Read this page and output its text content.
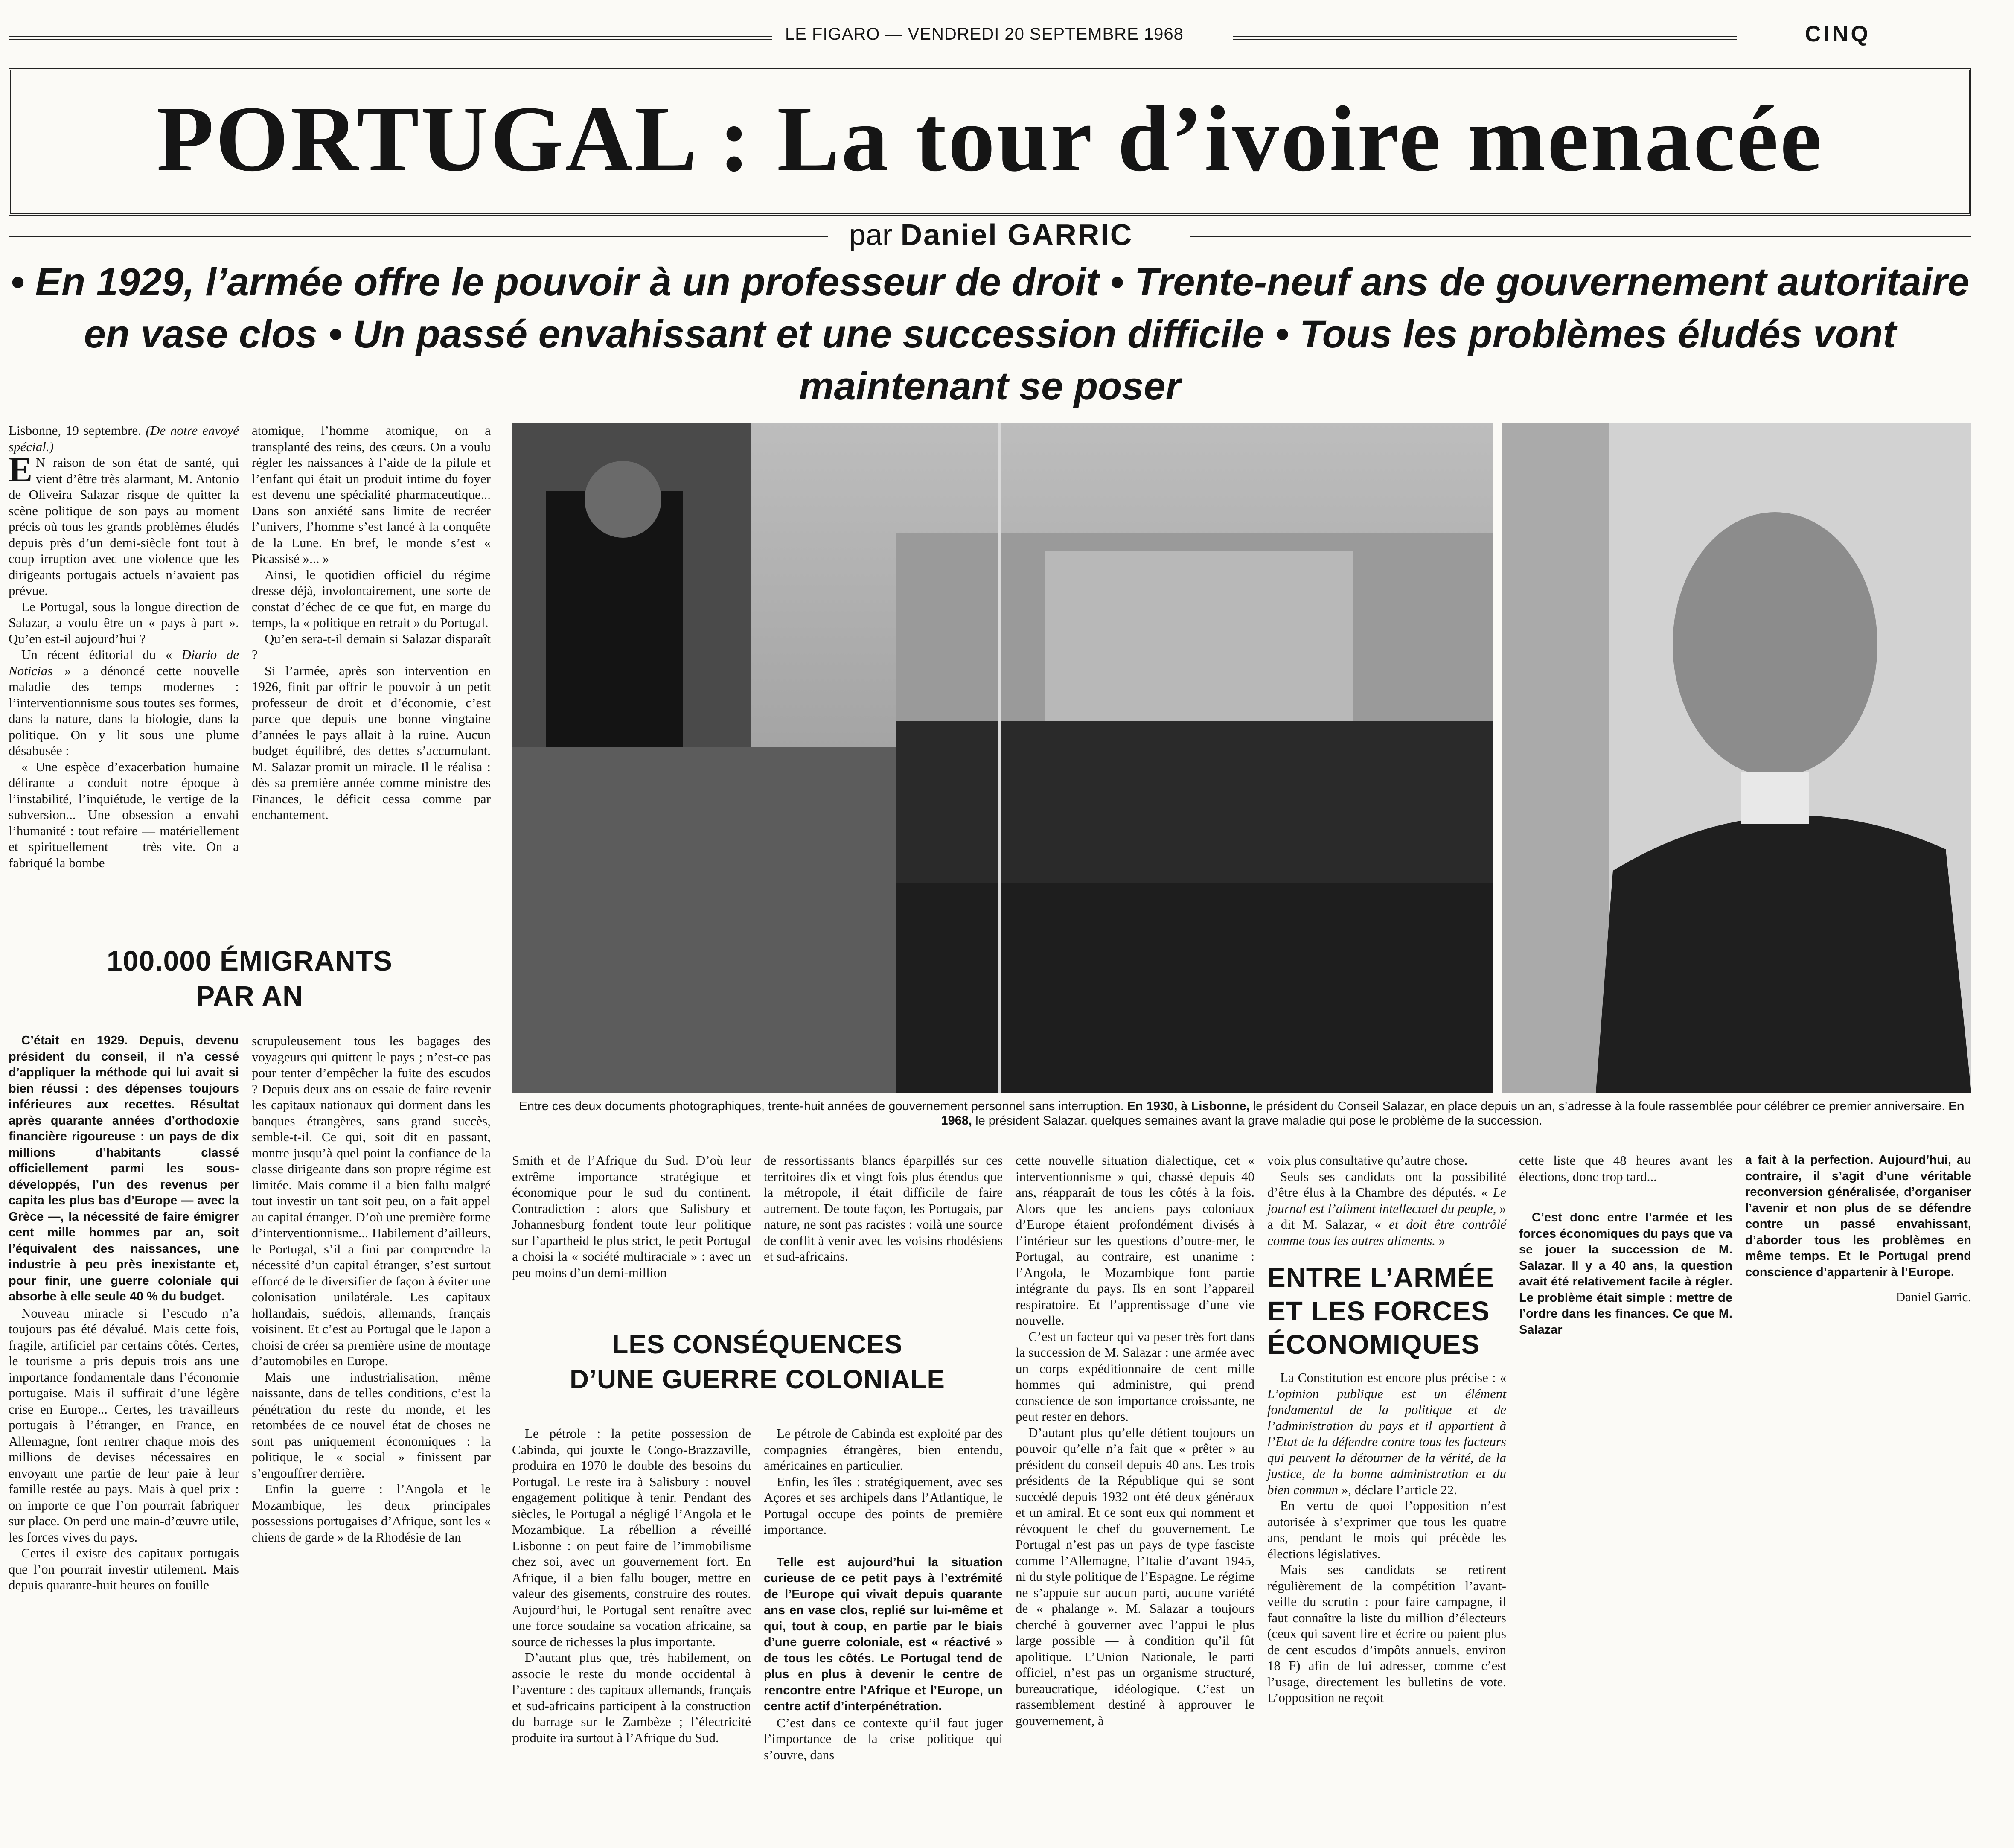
LE FIGARO — VENDREDI 20 SEPTEMBRE 1968	CINQ
PORTUGAL : La tour d’ivoire menacée
par Daniel GARRIC
• En 1929, l’armée offre le pouvoir à un professeur de droit • Trente-neuf ans de gouvernement autoritaire en vase clos • Un passé envahissant et une succession difficile • Tous les problèmes éludés vont maintenant se poser

Lisbonne, 19 septembre. (De notre envoyé spécial.)

E N raison de son état de santé, qui vient d’être très alarmant, M. Antonio de Oliveira Salazar risque de quitter la scène politique de son pays au moment précis où tous les grands problèmes éludés depuis près d’un demi-siècle font tout à coup irruption avec une violence que les dirigeants portugais actuels n’avaient pas prévue.

Le Portugal, sous la longue direction de Salazar, a voulu être un « pays à part ». Qu’en est-il aujourd’hui ?

Un récent éditorial du « Diario de Noticias » a dénoncé cette nouvelle maladie des temps modernes : l’interventionnisme sous toutes ses formes, dans la nature, dans la biologie, dans la politique. On y lit sous une plume désabusée :

« Une espèce d’exacerbation humaine délirante a conduit notre époque à l’instabilité, l’inquiétude, le vertige de la subversion... Une obsession a envahi l’humanité : tout refaire — matériellement et spirituellement — très vite. On a fabriqué la bombe

atomique, l’homme atomique, on a transplanté des reins, des cœurs. On a voulu régler les naissances à l’aide de la pilule et l’enfant qui était un produit intime du foyer est devenu une spécialité pharmaceutique... Dans son anxiété sans limite de recréer l’univers, l’homme s’est lancé à la conquête de la Lune. En bref, le monde s’est « Picassisé »... »

Ainsi, le quotidien officiel du régime dresse déjà, involontairement, une sorte de constat d’échec de ce que fut, en marge du temps, la « politique en retrait » du Portugal.

Qu’en sera-t-il demain si Salazar disparaît ?

Si l’armée, après son intervention en 1926, finit par offrir le pouvoir à un petit professeur de droit et d’économie, c’est parce que depuis une bonne vingtaine d’années le pays allait à la ruine. Aucun budget équilibré, des dettes s’accumulant. M. Salazar promit un miracle. Il le réalisa : dès sa première année comme ministre des Finances, le déficit cessa comme par enchantement.

100.000 ÉMIGRANTS
PAR AN

C’était en 1929. Depuis, devenu président du conseil, il n’a cessé d’appliquer la méthode qui lui avait si bien réussi : des dépenses toujours inférieures aux recettes. Résultat après quarante années d’orthodoxie financière rigoureuse : un pays de dix millions d’habitants classé officiellement parmi les sous-développés, l’un des revenus per capita les plus bas d’Europe — avec la Grèce —, la nécessité de faire émigrer cent mille hommes par an, soit l’équivalent des naissances, une industrie à peu près inexistante et, pour finir, une guerre coloniale qui absorbe à elle seule 40 % du budget.

Nouveau miracle si l’escudo n’a toujours pas été dévalué. Mais cette fois, fragile, artificiel par certains côtés. Certes, le tourisme a pris depuis trois ans une importance fondamentale dans l’économie portugaise. Mais il suffirait d’une légère crise en Europe... Certes, les travailleurs portugais à l’étranger, en France, en Allemagne, font rentrer chaque mois des millions de devises nécessaires en envoyant une partie de leur paie à leur famille restée au pays. Mais à quel prix : on importe ce que l’on pourrait fabriquer sur place. On perd une main-d’œuvre utile, les forces vives du pays.

Certes il existe des capitaux portugais que l’on pourrait investir utilement. Mais depuis quarante-huit heures on fouille

scrupuleusement tous les bagages des voyageurs qui quittent le pays ; n’est-ce pas pour tenter d’empêcher la fuite des escudos ? Depuis deux ans on essaie de faire revenir les capitaux nationaux qui dorment dans les banques étrangères, sans grand succès, semble-t-il. Ce qui, soit dit en passant, montre jusqu’à quel point la confiance de la classe dirigeante dans son propre régime est limitée. Mais comme il a bien fallu malgré tout investir un tant soit peu, on a fait appel au capital étranger. D’où une première forme d’interventionnisme... Habilement d’ailleurs, le Portugal, s’il a fini par comprendre la nécessité d’un capital étranger, s’est surtout efforcé de le diversifier de façon à éviter une colonisation unilatérale. Les capitaux hollandais, suédois, allemands, français voisinent. Et c’est au Portugal que le Japon a choisi de créer sa première usine de montage d’automobiles en Europe.

Mais une industrialisation, même naissante, dans de telles conditions, c’est la pénétration du reste du monde, et les retombées de ce nouvel état de choses ne sont pas uniquement économiques : la politique, le « social » finissent par s’engouffrer derrière.

Enfin la guerre : l’Angola et le Mozambique, les deux principales possessions portugaises d’Afrique, sont les « chiens de garde » de la Rhodésie de Ian

Entre ces deux documents photographiques, trente-huit années de gouvernement personnel sans interruption. En 1930, à Lisbonne, le président du Conseil Salazar, en place depuis un an, s’adresse à la foule rassemblée pour célébrer ce premier anniversaire. En 1968, le président Salazar, quelques semaines avant la grave maladie qui pose le problème de la succession.

Smith et de l’Afrique du Sud. D’où leur extrême importance stratégique et économique pour le sud du continent. Contradiction : alors que Salisbury et Johannesburg fondent toute leur politique sur l’apartheid le plus strict, le petit Portugal a choisi la « société multiraciale » : avec un peu moins d’un demi-million

de ressortissants blancs éparpillés sur ces territoires dix et vingt fois plus étendus que la métropole, il était difficile de faire autrement. De toute façon, les Portugais, par nature, ne sont pas racistes : voilà une source de conflit à venir avec les voisins rhodésiens et sud-africains.

LES CONSÉQUENCES
D’UNE GUERRE COLONIALE

Le pétrole : la petite possession de Cabinda, qui jouxte le Congo-Brazzaville, produira en 1970 le double des besoins du Portugal. Le reste ira à Salisbury : nouvel engagement politique à tenir. Pendant des siècles, le Portugal a négligé l’Angola et le Mozambique. La rébellion a réveillé Lisbonne : on peut faire de l’immobilisme chez soi, avec un gouvernement fort. En Afrique, il a bien fallu bouger, mettre en valeur des gisements, construire des routes. Aujourd’hui, le Portugal sent renaître avec une force soudaine sa vocation africaine, sa source de richesses la plus importante.

D’autant plus que, très habilement, on associe le reste du monde occidental à l’aventure : des capitaux allemands, français et sud-africains participent à la construction du barrage sur le Zambèze ; l’électricité produite ira surtout à l’Afrique du Sud.

Le pétrole de Cabinda est exploité par des compagnies étrangères, bien entendu, américaines en particulier.

Enfin, les îles : stratégiquement, avec ses Açores et ses archipels dans l’Atlantique, le Portugal occupe des points de première importance.

Telle est aujourd’hui la situation curieuse de ce petit pays à l’extrémité de l’Europe qui vivait depuis quarante ans en vase clos, replié sur lui-même et qui, tout à coup, en partie par le biais d’une guerre coloniale, est « réactivé » de tous les côtés. Le Portugal tend de plus en plus à devenir le centre de rencontre entre l’Afrique et l’Europe, un centre actif d’interpénétration.

C’est dans ce contexte qu’il faut juger l’importance de la crise politique qui s’ouvre, dans

cette nouvelle situation dialectique, cet « interventionnisme » qui, chassé depuis 40 ans, réapparaît de tous les côtés à la fois. Alors que les anciens pays coloniaux d’Europe étaient profondément divisés à l’intérieur sur les questions d’outre-mer, le Portugal, au contraire, est unanime : l’Angola, le Mozambique font partie intégrante du pays. Ils en sont l’appareil respiratoire. Et l’apprentissage d’une vie nouvelle.

C’est un facteur qui va peser très fort dans la succession de M. Salazar : une armée avec un corps expéditionnaire de cent mille hommes qui administre, qui prend conscience de son importance croissante, ne peut rester en dehors.

D’autant plus qu’elle détient toujours un pouvoir qu’elle n’a fait que « prêter » au président du conseil depuis 40 ans. Les trois présidents de la République qui se sont succédé depuis 1932 ont été deux généraux et un amiral. Et ce sont eux qui nomment et révoquent le chef du gouvernement. Le Portugal n’est pas un pays de type fasciste comme l’Allemagne, l’Italie d’avant 1945, ni du style politique de l’Espagne. Le régime ne s’appuie sur aucun parti, aucune variété de « phalange ». M. Salazar a toujours cherché à gouverner avec l’appui le plus large possible — à condition qu’il fût apolitique. L’Union Nationale, le parti officiel, n’est pas un organisme structuré, bureaucratique, idéologique. C’est un rassemblement destiné à approuver le gouvernement, à

voix plus consultative qu’autre chose.

Seuls ses candidats ont la possibilité d’être élus à la Chambre des députés. « Le journal est l’aliment intellectuel du peuple, » a dit M. Salazar, « et doit être contrôlé comme tous les autres aliments. »

ENTRE L’ARMÉE
ET LES FORCES
ÉCONOMIQUES

La Constitution est encore plus précise : « L’opinion publique est un élément fondamental de la politique et de l’administration du pays et il appartient à l’Etat de la défendre contre tous les facteurs qui peuvent la détourner de la vérité, de la justice, de la bonne administration et du bien commun », déclare l’article 22.

En vertu de quoi l’opposition n’est autorisée à s’exprimer que tous les quatre ans, pendant le mois qui précède les élections législatives.

Mais ses candidats se retirent régulièrement de la compétition l’avant-veille du scrutin : pour faire campagne, il faut connaître la liste du million d’électeurs (ceux qui savent lire et écrire ou paient plus de cent escudos d’impôts annuels, environ 18 F) afin de lui adresser, comme c’est l’usage, directement les bulletins de vote. L’opposition ne reçoit

cette liste que 48 heures avant les élections, donc trop tard...

C’est donc entre l’armée et les forces économiques du pays que va se jouer la succession de M. Salazar. Il y a 40 ans, la question avait été relativement facile à régler. Le problème était simple : mettre de l’ordre dans les finances. Ce que M. Salazar

a fait à la perfection. Aujourd’hui, au contraire, il s’agit d’une véritable reconversion généralisée, d’organiser l’avenir et non plus de se défendre contre un passé envahissant, d’aborder tous les problèmes en même temps. Et le Portugal prend conscience d’appartenir à l’Europe.

Daniel Garric.
